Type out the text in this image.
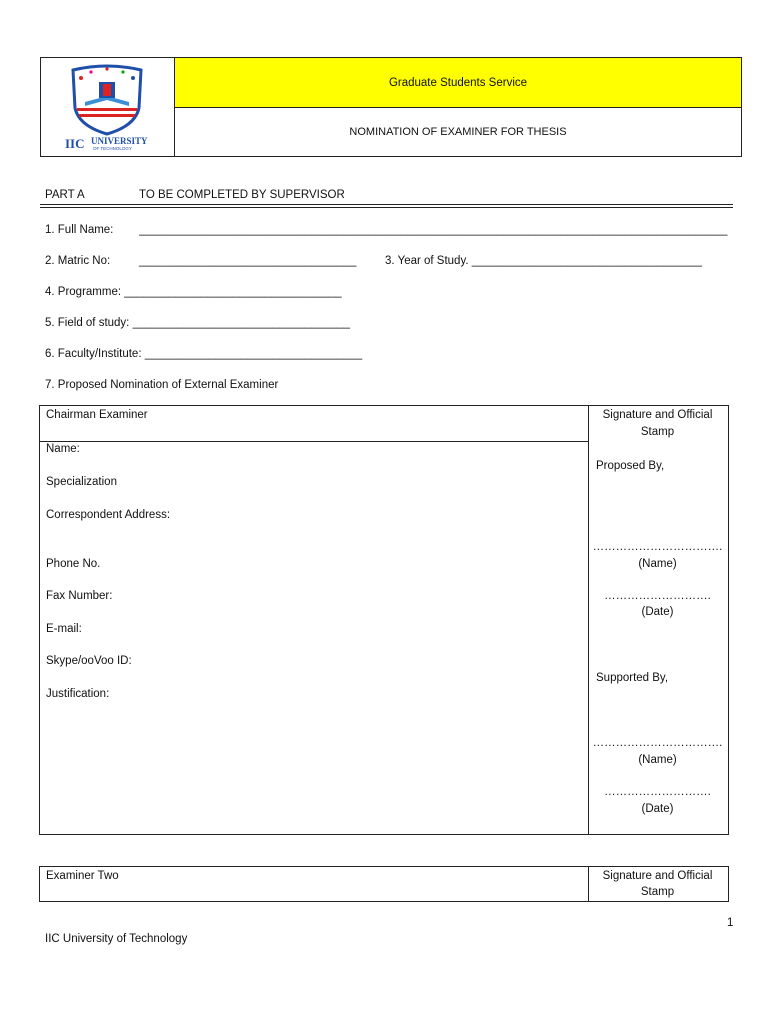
IIC UNIVERSITY
OF TECHNOLOGY
Graduate Students Service
NOMINATION OF EXAMINER FOR THESIS
PART A	TO BE COMPLETED BY SUPERVISOR
1. Full Name: ____________________________________________________________________________________________
2. Matric No:	__________________________________ 3. Year of Study. ____________________________________
4. Programme: __________________________________
5. Field of study: __________________________________
6. Faculty/Institute: __________________________________
7. Proposed Nomination of External Examiner
Chairman Examiner	Signature and Official
Stamp
Name:
Specialization
Correspondent Address:
Phone No.
Fax Number:
E-mail:
Skype/ooVoo ID:
Justification:
Proposed By,
…………………………….
(Name)
……………………….
(Date)
Supported By,
…………………………….
(Name)
……………………….
(Date)
Examiner Two	Signature and Official
Stamp
1
IIC University of Technology
